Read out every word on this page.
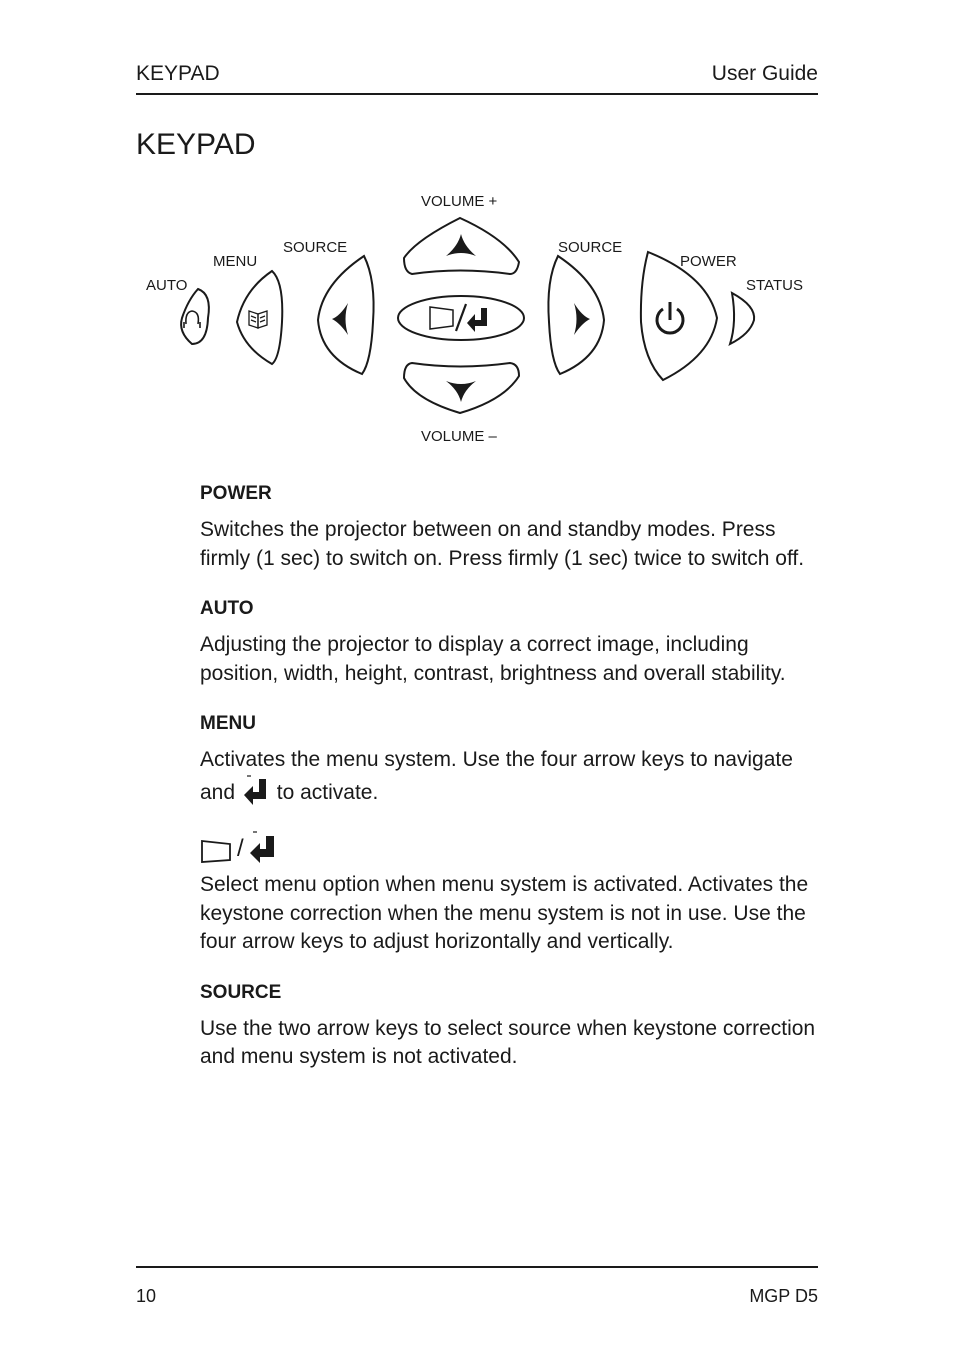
KEYPAD	User Guide
KEYPAD
VOLUME +
SOURCE	SOURCE
MENU	POWER
AUTO	STATUS
VOLUME –
POWER

Switches the projector between on and standby modes. Press firmly (1 sec) to switch on. Press firmly (1 sec) twice to switch off.

AUTO

Adjusting the projector to display a correct image, including position, width, height, contrast, brightness and overall stability.

MENU

Activates the menu system. Use the four arrow keys to navigate and to activate.

/

Select menu option when menu system is activated. Activates the keystone correction when the menu system is not in use. Use the four arrow keys to adjust horizontally and vertically.

SOURCE

Use the two arrow keys to select source when keystone correction and menu system is not activated.

10	MGP D5
